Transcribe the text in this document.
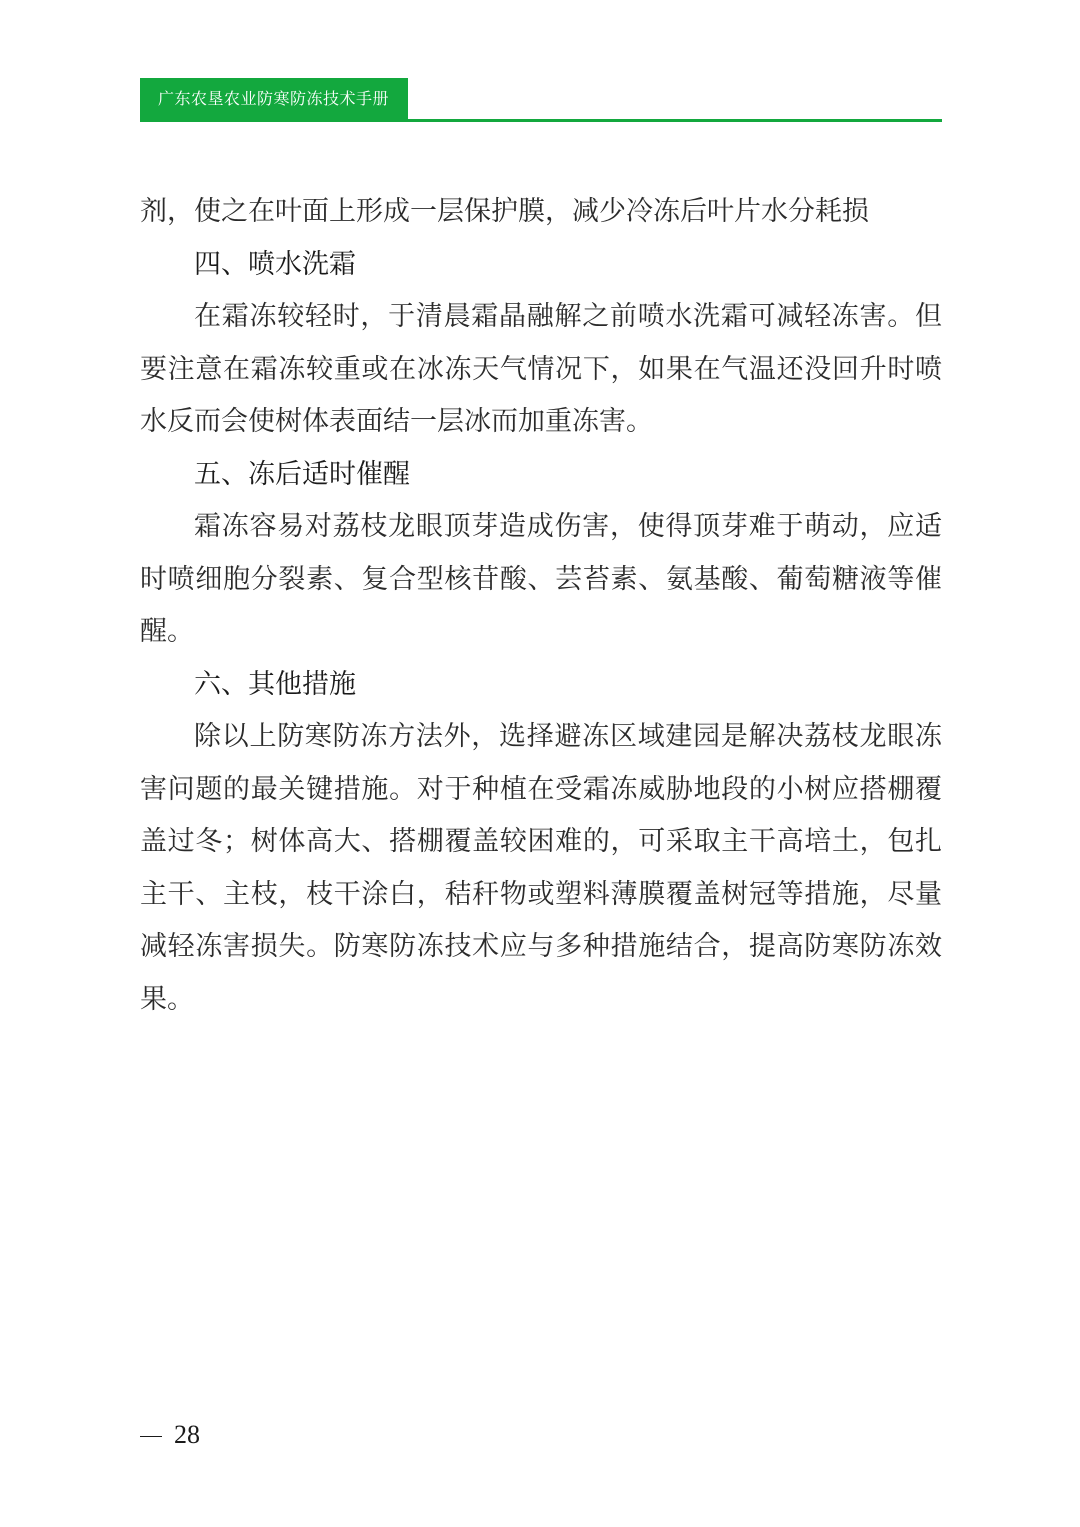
广东农垦农业防寒防冻技术手册

剂，使之在叶面上形成一层保护膜，减少冷冻后叶片水分耗损

四、喷水洗霜

在霜冻较轻时，于清晨霜晶融解之前喷水洗霜可减轻冻害。但要注意在霜冻较重或在冰冻天气情况下，如果在气温还没回升时喷水反而会使树体表面结一层冰而加重冻害。

五、冻后适时催醒

霜冻容易对荔枝龙眼顶芽造成伤害，使得顶芽难于萌动，应适时喷细胞分裂素、复合型核苷酸、芸苔素、氨基酸、葡萄糖液等催醒。

六、其他措施

除以上防寒防冻方法外，选择避冻区域建园是解决荔枝龙眼冻害问题的最关键措施。对于种植在受霜冻威胁地段的小树应搭棚覆盖过冬；树体高大、搭棚覆盖较困难的，可采取主干高培土，包扎主干、主枝，枝干涂白，秸秆物或塑料薄膜覆盖树冠等措施，尽量减轻冻害损失。防寒防冻技术应与多种措施结合，提高防寒防冻效果。

28
